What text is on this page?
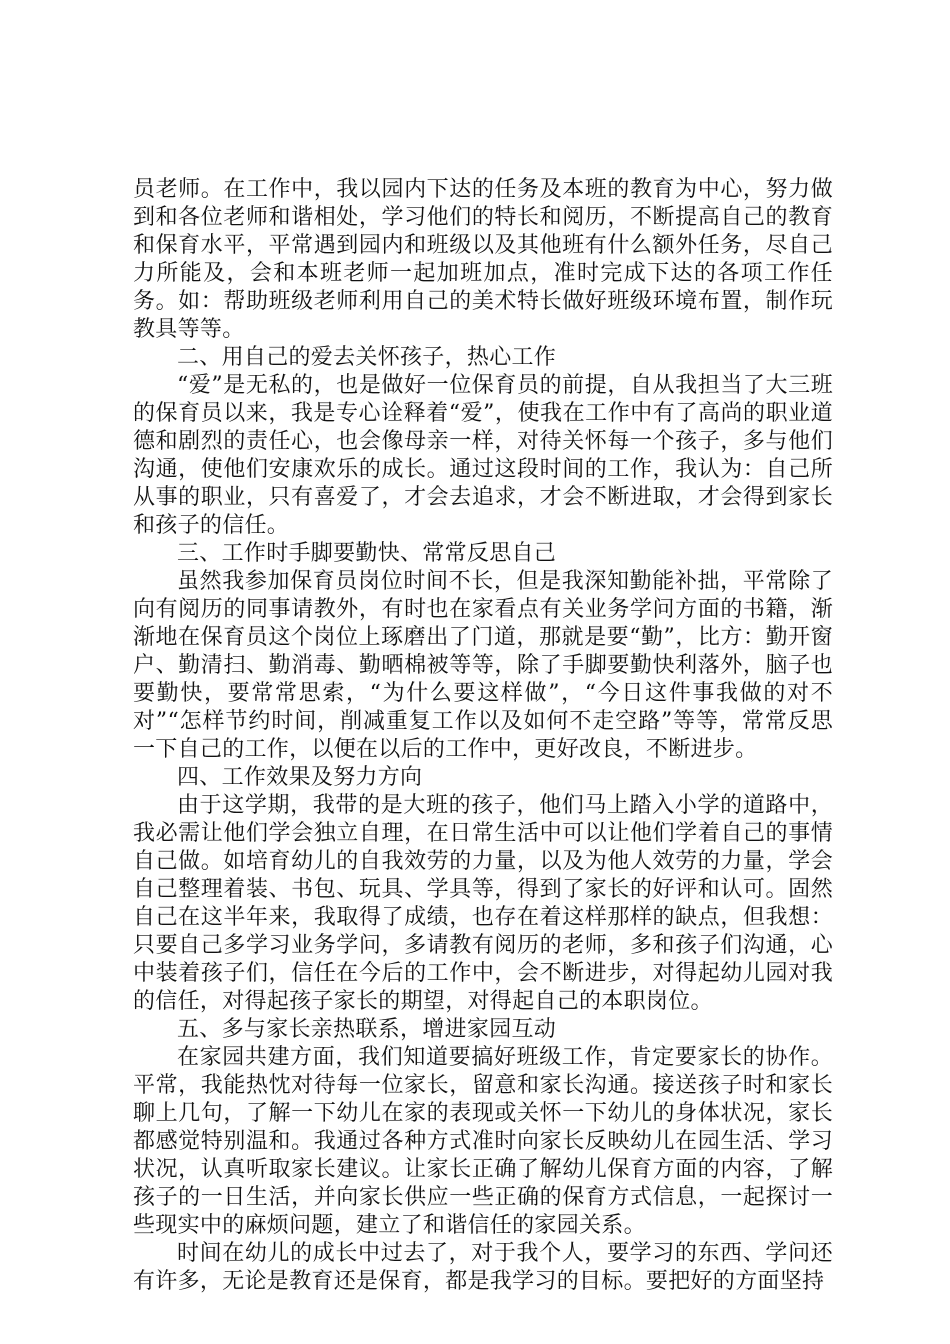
员老师。在工作中，我以园内下达的任务及本班的教育为中心，努力做到和各位老师和谐相处，学习他们的特长和阅历，不断提高自己的教育和保育水平，平常遇到园内和班级以及其他班有什么额外任务，尽自己力所能及，会和本班老师一起加班加点，准时完成下达的各项工作任务。如：帮助班级老师利用自己的美术特长做好班级环境布置，制作玩教具等等。

二、用自己的爱去关怀孩子，热心工作

“爱”是无私的，也是做好一位保育员的前提，自从我担当了大三班的保育员以来，我是专心诠释着“爱”，使我在工作中有了高尚的职业道德和剧烈的责任心，也会像母亲一样，对待关怀每一个孩子，多与他们沟通，使他们安康欢乐的成长。通过这段时间的工作，我认为：自己所从事的职业，只有喜爱了，才会去追求，才会不断进取，才会得到家长和孩子的信任。

三、工作时手脚要勤快、常常反思自己

虽然我参加保育员岗位时间不长，但是我深知勤能补拙，平常除了向有阅历的同事请教外，有时也在家看点有关业务学问方面的书籍，渐渐地在保育员这个岗位上琢磨出了门道，那就是要“勤”，比方：勤开窗户、勤清扫、勤消毒、勤晒棉被等等，除了手脚要勤快利落外，脑子也要勤快，要常常思索，“为什么要这样做”，“今日这件事我做的对不对”“怎样节约时间，削减重复工作以及如何不走空路”等等，常常反思一下自己的工作，以便在以后的工作中，更好改良，不断进步。

四、工作效果及努力方向

由于这学期，我带的是大班的孩子，他们马上踏入小学的道路中，我必需让他们学会独立自理，在日常生活中可以让他们学着自己的事情自己做。如培育幼儿的自我效劳的力量，以及为他人效劳的力量，学会自己整理着装、书包、玩具、学具等，得到了家长的好评和认可。固然自己在这半年来，我取得了成绩，也存在着这样那样的缺点，但我想：只要自己多学习业务学问，多请教有阅历的老师，多和孩子们沟通，心中装着孩子们，信任在今后的工作中，会不断进步，对得起幼儿园对我的信任，对得起孩子家长的期望，对得起自己的本职岗位。

五、多与家长亲热联系，增进家园互动

在家园共建方面，我们知道要搞好班级工作，肯定要家长的协作。平常，我能热忱对待每一位家长，留意和家长沟通。接送孩子时和家长聊上几句，了解一下幼儿在家的表现或关怀一下幼儿的身体状况，家长都感觉特别温和。我通过各种方式准时向家长反映幼儿在园生活、学习状况，认真听取家长建议。让家长正确了解幼儿保育方面的内容，了解孩子的一日生活，并向家长供应一些正确的保育方式信息，一起探讨一些现实中的麻烦问题，建立了和谐信任的家园关系。

时间在幼儿的成长中过去了，对于我个人，要学习的东西、学问还有许多，无论是教育还是保育，都是我学习的目标。要把好的方面坚持
